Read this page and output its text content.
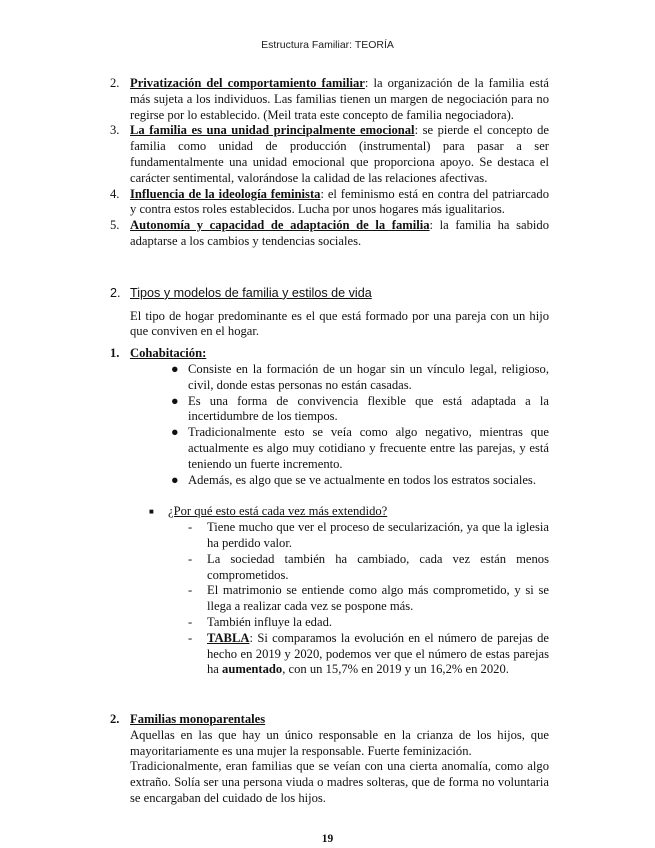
Estructura Familiar: TEORÍA
2. Privatización del comportamiento familiar: la organización de la familia está más sujeta a los individuos. Las familias tienen un margen de negociación para no regirse por lo establecido. (Meil trata este concepto de familia negociadora).
3. La familia es una unidad principalmente emocional: se pierde el concepto de familia como unidad de producción (instrumental) para pasar a ser fundamentalmente una unidad emocional que proporciona apoyo. Se destaca el carácter sentimental, valorándose la calidad de las relaciones afectivas.
4. Influencia de la ideología feminista: el feminismo está en contra del patriarcado y contra estos roles establecidos. Lucha por unos hogares más igualitarios.
5. Autonomía y capacidad de adaptación de la familia: la familia ha sabido adaptarse a los cambios y tendencias sociales.
2. Tipos y modelos de familia y estilos de vida
El tipo de hogar predominante es el que está formado por una pareja con un hijo que conviven en el hogar.
1. Cohabitación:
● Consiste en la formación de un hogar sin un vínculo legal, religioso, civil, donde estas personas no están casadas.
● Es una forma de convivencia flexible que está adaptada a la incertidumbre de los tiempos.
● Tradicionalmente esto se veía como algo negativo, mientras que actualmente es algo muy cotidiano y frecuente entre las parejas, y está teniendo un fuerte incremento.
● Además, es algo que se ve actualmente en todos los estratos sociales.
■ ¿Por qué esto está cada vez más extendido?
- Tiene mucho que ver el proceso de secularización, ya que la iglesia ha perdido valor.
- La sociedad también ha cambiado, cada vez están menos comprometidos.
- El matrimonio se entiende como algo más comprometido, y si se llega a realizar cada vez se pospone más.
- También influye la edad.
- TABLA: Si comparamos la evolución en el número de parejas de hecho en 2019 y 2020, podemos ver que el número de estas parejas ha aumentado, con un 15,7% en 2019 y un 16,2% en 2020.
2. Familias monoparentales
Aquellas en las que hay un único responsable en la crianza de los hijos, que mayoritariamente es una mujer la responsable. Fuerte feminización.
Tradicionalmente, eran familias que se veían con una cierta anomalía, como algo extraño. Solía ser una persona viuda o madres solteras, que de forma no voluntaria se encargaban del cuidado de los hijos.
19
